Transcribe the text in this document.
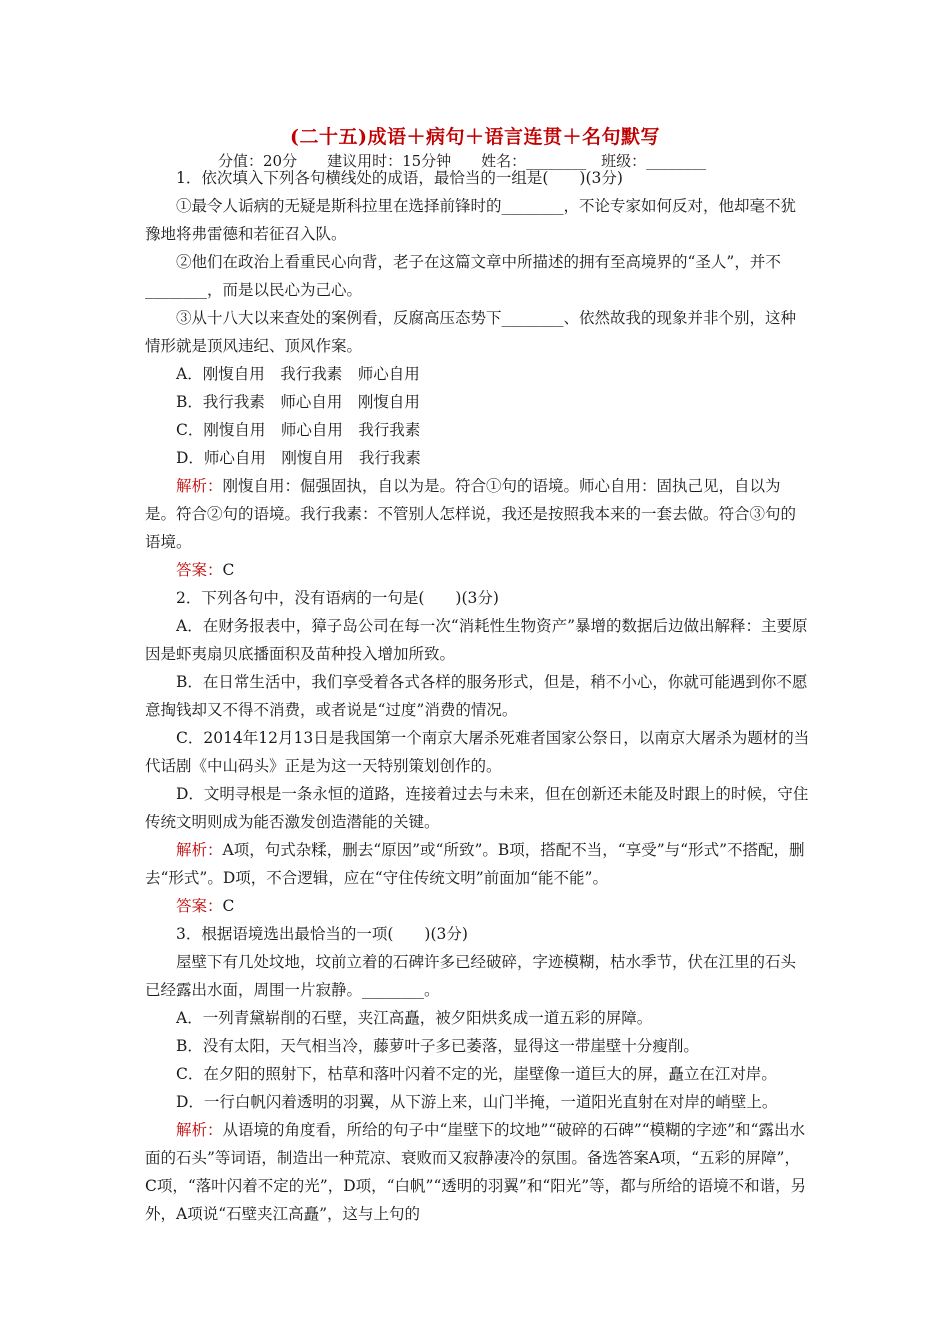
(二十五)成语＋病句＋语言连贯＋名句默写
分值：20分　　建议用时：15分钟　　姓名：________　班级：________

1．依次填入下列各句横线处的成语，最恰当的一组是(　　)(3分)

①最令人诟病的无疑是斯科拉里在选择前锋时的________，不论专家如何反对，他却毫不犹豫地将弗雷德和若征召入队。

②他们在政治上看重民心向背，老子在这篇文章中所描述的拥有至高境界的“圣人”，并不________，而是以民心为己心。

③从十八大以来查处的案例看，反腐高压态势下________、依然故我的现象并非个别，这种情形就是顶风违纪、顶风作案。

A．刚愎自用　我行我素　师心自用

B．我行我素　师心自用　刚愎自用

C．刚愎自用　师心自用　我行我素

D．师心自用　刚愎自用　我行我素

解析：刚愎自用：倔强固执，自以为是。符合①句的语境。师心自用：固执己见，自以为是。符合②句的语境。我行我素：不管别人怎样说，我还是按照我本来的一套去做。符合③句的语境。

答案：C

2．下列各句中，没有语病的一句是(　　)(3分)

A．在财务报表中，獐子岛公司在每一次“消耗性生物资产”暴增的数据后边做出解释：主要原因是虾夷扇贝底播面积及苗种投入增加所致。

B．在日常生活中，我们享受着各式各样的服务形式，但是，稍不小心，你就可能遇到你不愿意掏钱却又不得不消费，或者说是“过度”消费的情况。

C．2014年12月13日是我国第一个南京大屠杀死难者国家公祭日，以南京大屠杀为题材的当代话剧《中山码头》正是为这一天特别策划创作的。

D．文明寻根是一条永恒的道路，连接着过去与未来，但在创新还未能及时跟上的时候，守住传统文明则成为能否激发创造潜能的关键。

解析：A项，句式杂糅，删去“原因”或“所致”。B项，搭配不当，“享受”与“形式”不搭配，删去“形式”。D项，不合逻辑，应在“守住传统文明”前面加“能不能”。

答案：C

3．根据语境选出最恰当的一项(　　)(3分)

屋壁下有几处坟地，坟前立着的石碑许多已经破碎，字迹模糊，枯水季节，伏在江里的石头已经露出水面，周围一片寂静。________。

A．一列青黛崭削的石壁，夹江高矗，被夕阳烘炙成一道五彩的屏障。

B．没有太阳，天气相当冷，藤萝叶子多已萎落，显得这一带崖壁十分瘦削。

C．在夕阳的照射下，枯草和落叶闪着不定的光，崖壁像一道巨大的屏，矗立在江对岸。

D．一行白帆闪着透明的羽翼，从下游上来，山门半掩，一道阳光直射在对岸的峭壁上。

解析：从语境的角度看，所给的句子中“崖壁下的坟地”“破碎的石碑”“模糊的字迹”和“露出水面的石头”等词语，制造出一种荒凉、衰败而又寂静凄冷的氛围。备选答案A项，“五彩的屏障”，C项，“落叶闪着不定的光”，D项，“白帆”“透明的羽翼”和“阳光”等，都与所给的语境不和谐，另外，A项说“石壁夹江高矗”，这与上句的
